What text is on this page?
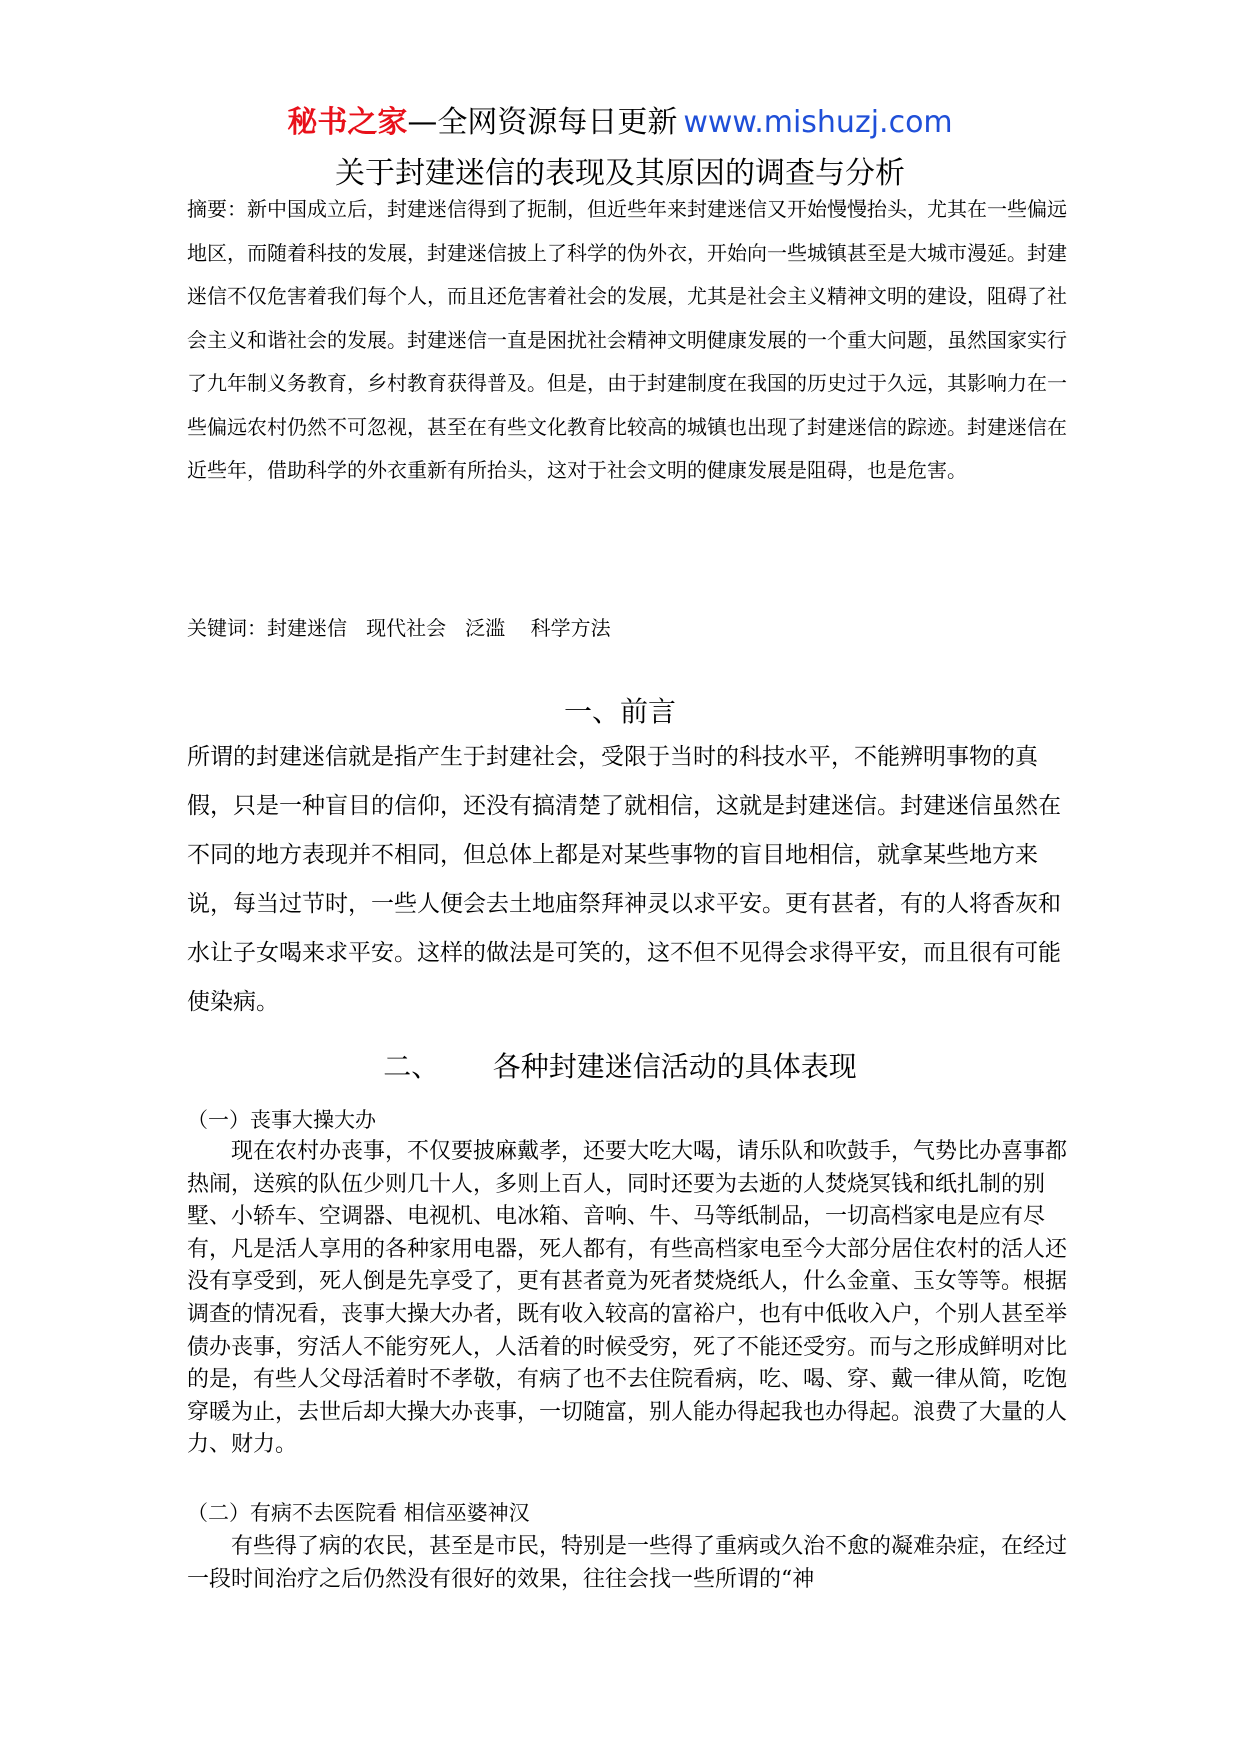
秘书之家—全网资源每日更新 www.mishuzj.com
关于封建迷信的表现及其原因的调查与分析

摘要：新中国成立后，封建迷信得到了扼制，但近些年来封建迷信又开始慢慢抬头，尤其在一些偏远地区，而随着科技的发展，封建迷信披上了科学的伪外衣，开始向一些城镇甚至是大城市漫延。封建迷信不仅危害着我们每个人，而且还危害着社会的发展，尤其是社会主义精神文明的建设，阻碍了社会主义和谐社会的发展。封建迷信一直是困扰社会精神文明健康发展的一个重大问题，虽然国家实行了九年制义务教育，乡村教育获得普及。但是，由于封建制度在我国的历史过于久远，其影响力在一些偏远农村仍然不可忽视，甚至在有些文化教育比较高的城镇也出现了封建迷信的踪迹。封建迷信在近些年，借助科学的外衣重新有所抬头，这对于社会文明的健康发展是阻碍，也是危害。

关键词：封建迷信   现代社会   泛滥    科学方法
一、前言

所谓的封建迷信就是指产生于封建社会，受限于当时的科技水平，不能辨明事物的真假，只是一种盲目的信仰，还没有搞清楚了就相信，这就是封建迷信。封建迷信虽然在不同的地方表现并不相同，但总体上都是对某些事物的盲目地相信，就拿某些地方来说，每当过节时，一些人便会去土地庙祭拜神灵以求平安。更有甚者，有的人将香灰和水让子女喝来求平安。这样的做法是可笑的，这不但不见得会求得平安，而且很有可能使染病。

二、      各种封建迷信活动的具体表现
（一）丧事大操大办

现在农村办丧事，不仅要披麻戴孝，还要大吃大喝，请乐队和吹鼓手，气势比办喜事都热闹，送殡的队伍少则几十人，多则上百人，同时还要为去逝的人焚烧冥钱和纸扎制的别墅、小轿车、空调器、电视机、电冰箱、音响、牛、马等纸制品，一切高档家电是应有尽有，凡是活人享用的各种家用电器，死人都有，有些高档家电至今大部分居住农村的活人还没有享受到，死人倒是先享受了，更有甚者竟为死者焚烧纸人，什么金童、玉女等等。根据调查的情况看，丧事大操大办者，既有收入较高的富裕户，也有中低收入户，个别人甚至举债办丧事，穷活人不能穷死人，人活着的时候受穷，死了不能还受穷。而与之形成鲜明对比的是，有些人父母活着时不孝敬，有病了也不去住院看病，吃、喝、穿、戴一律从简，吃饱穿暖为止，去世后却大操大办丧事，一切随富，别人能办得起我也办得起。浪费了大量的人力、财力。

（二）有病不去医院看 相信巫婆神汉

有些得了病的农民，甚至是市民，特别是一些得了重病或久治不愈的凝难杂症，在经过一段时间治疗之后仍然没有很好的效果，往往会找一些所谓的“神
